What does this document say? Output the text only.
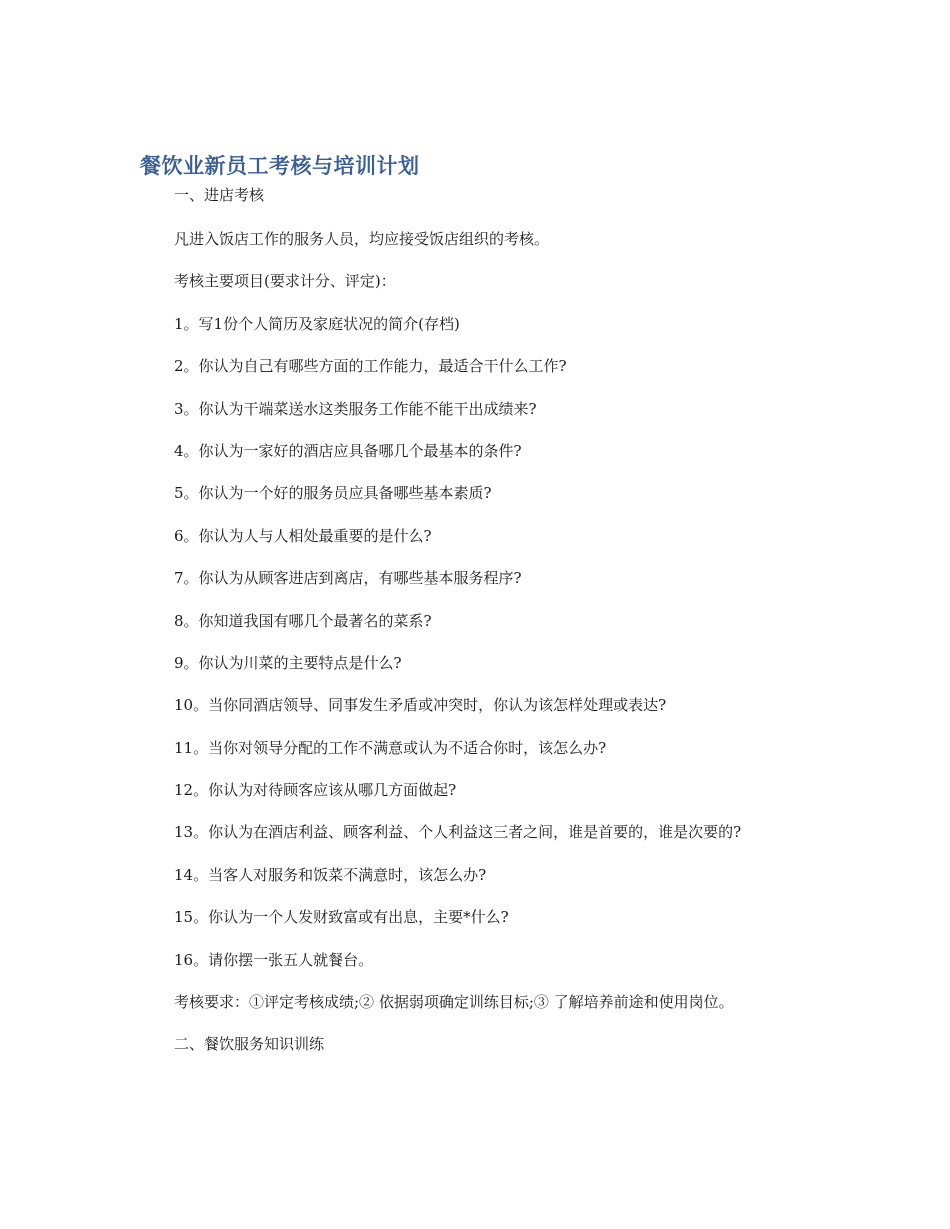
餐饮业新员工考核与培训计划
一、进店考核
凡进入饭店工作的服务人员，均应接受饭店组织的考核。
考核主要项目(要求计分、评定)：
1。写1份个人简历及家庭状况的简介(存档)
2。你认为自己有哪些方面的工作能力，最适合干什么工作?
3。你认为干端菜送水这类服务工作能不能干出成绩来?
4。你认为一家好的酒店应具备哪几个最基本的条件?
5。你认为一个好的服务员应具备哪些基本素质?
6。你认为人与人相处最重要的是什么?
7。你认为从顾客进店到离店，有哪些基本服务程序?
8。你知道我国有哪几个最著名的菜系?
9。你认为川菜的主要特点是什么?
10。当你同酒店领导、同事发生矛盾或冲突时，你认为该怎样处理或表达?
11。当你对领导分配的工作不满意或认为不适合你时，该怎么办?
12。你认为对待顾客应该从哪几方面做起?
13。你认为在酒店利益、顾客利益、个人利益这三者之间，谁是首要的，谁是次要的?
14。当客人对服务和饭菜不满意时，该怎么办?
15。你认为一个人发财致富或有出息，主要*什么?
16。请你摆一张五人就餐台。
考核要求：①评定考核成绩;② 依据弱项确定训练目标;③ 了解培养前途和使用岗位。
二、餐饮服务知识训练
